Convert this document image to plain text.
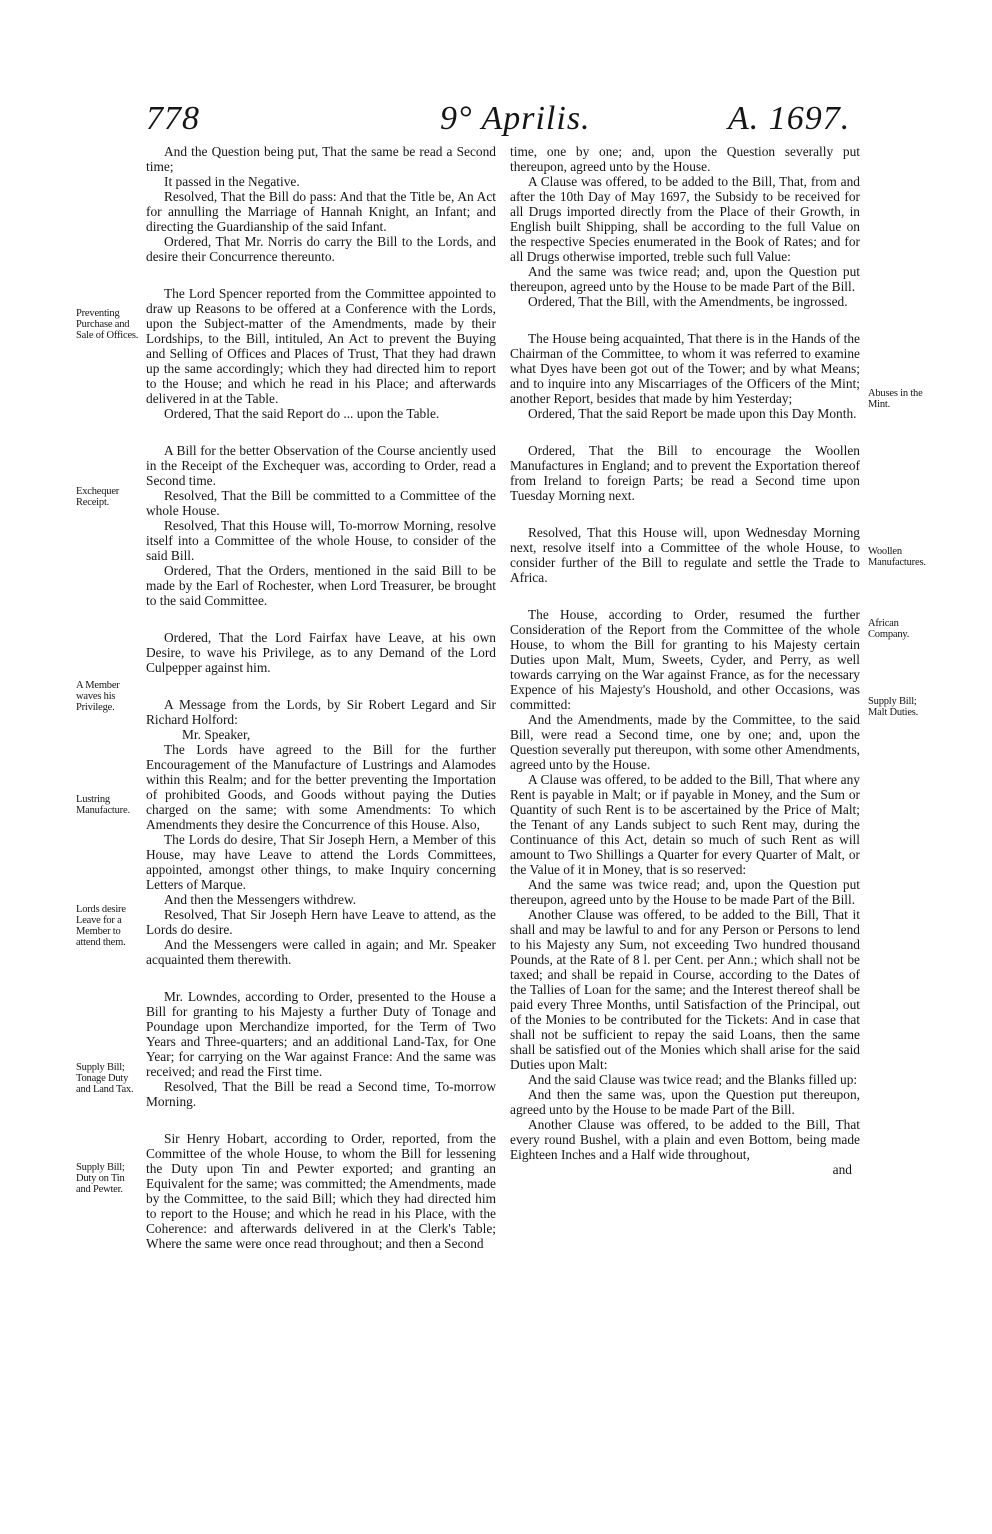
778	9° Aprilis.	A. 1697.

And the Question being put, That the same be read a Second time;

It passed in the Negative.

Resolved, That the Bill do pass: And that the Title be, An Act for annulling the Marriage of Hannah Knight, an Infant; and directing the Guardianship of the said Infant.

Ordered, That Mr. Norris do carry the Bill to the Lords, and desire their Concurrence thereunto.

The Lord Spencer reported from the Committee appointed to draw up Reasons to be offered at a Conference with the Lords, upon the Subject-matter of the Amendments, made by their Lordships, to the Bill, intituled, An Act to prevent the Buying and Selling of Offices and Places of Trust, That they had drawn up the same accordingly; which they had directed him to report to the House; and which he read in his Place; and afterwards delivered in at the Table.

Ordered, That the said Report do ... upon the Table.

A Bill for the better Observation of the Course anciently used in the Receipt of the Exchequer was, according to Order, read a Second time.

Resolved, That the Bill be committed to a Committee of the whole House.

Resolved, That this House will, To-morrow Morning, resolve itself into a Committee of the whole House, to consider of the said Bill.

Ordered, That the Orders, mentioned in the said Bill to be made by the Earl of Rochester, when Lord Treasurer, be brought to the said Committee.

Ordered, That the Lord Fairfax have Leave, at his own Desire, to wave his Privilege, as to any Demand of the Lord Culpepper against him.

A Message from the Lords, by Sir Robert Legard and Sir Richard Holford:

Mr. Speaker,

The Lords have agreed to the Bill for the further Encouragement of the Manufacture of Lustrings and Alamodes within this Realm; and for the better preventing the Importation of prohibited Goods, and Goods without paying the Duties charged on the same; with some Amendments: To which Amendments they desire the Concurrence of this House. Also,

The Lords do desire, That Sir Joseph Hern, a Member of this House, may have Leave to attend the Lords Committees, appointed, amongst other things, to make Inquiry concerning Letters of Marque.

And then the Messengers withdrew.

Resolved, That Sir Joseph Hern have Leave to attend, as the Lords do desire.

And the Messengers were called in again; and Mr. Speaker acquainted them therewith.

Mr. Lowndes, according to Order, presented to the House a Bill for granting to his Majesty a further Duty of Tonage and Poundage upon Merchandize imported, for the Term of Two Years and Three-quarters; and an additional Land-Tax, for One Year; for carrying on the War against France: And the same was received; and read the First time.

Resolved, That the Bill be read a Second time, To-morrow Morning.

Sir Henry Hobart, according to Order, reported, from the Committee of the whole House, to whom the Bill for lessening the Duty upon Tin and Pewter exported; and granting an Equivalent for the same; was committed; the Amendments, made by the Committee, to the said Bill; which they had directed him to report to the House; and which he read in his Place, with the Coherence: and afterwards delivered in at the Clerk's Table; Where the same were once read throughout; and then a Second

time, one by one; and, upon the Question severally put thereupon, agreed unto by the House.

A Clause was offered, to be added to the Bill, That, from and after the 10th Day of May 1697, the Subsidy to be received for all Drugs imported directly from the Place of their Growth, in English built Shipping, shall be according to the full Value on the respective Species enumerated in the Book of Rates; and for all Drugs otherwise imported, treble such full Value:

And the same was twice read; and, upon the Question put thereupon, agreed unto by the House to be made Part of the Bill.

Ordered, That the Bill, with the Amendments, be ingrossed.

The House being acquainted, That there is in the Hands of the Chairman of the Committee, to whom it was referred to examine what Dyes have been got out of the Tower; and by what Means; and to inquire into any Miscarriages of the Officers of the Mint; another Report, besides that made by him Yesterday;

Ordered, That the said Report be made upon this Day Month.

Ordered, That the Bill to encourage the Woollen Manufactures in England; and to prevent the Exportation thereof from Ireland to foreign Parts; be read a Second time upon Tuesday Morning next.

Resolved, That this House will, upon Wednesday Morning next, resolve itself into a Committee of the whole House, to consider further of the Bill to regulate and settle the Trade to Africa.

The House, according to Order, resumed the further Consideration of the Report from the Committee of the whole House, to whom the Bill for granting to his Majesty certain Duties upon Malt, Mum, Sweets, Cyder, and Perry, as well towards carrying on the War against France, as for the necessary Expence of his Majesty's Houshold, and other Occasions, was committed:

And the Amendments, made by the Committee, to the said Bill, were read a Second time, one by one; and, upon the Question severally put thereupon, with some other Amendments, agreed unto by the House.

A Clause was offered, to be added to the Bill, That where any Rent is payable in Malt; or if payable in Money, and the Sum or Quantity of such Rent is to be ascertained by the Price of Malt; the Tenant of any Lands subject to such Rent may, during the Continuance of this Act, detain so much of such Rent as will amount to Two Shillings a Quarter for every Quarter of Malt, or the Value of it in Money, that is so reserved:

And the same was twice read; and, upon the Question put thereupon, agreed unto by the House to be made Part of the Bill.

Another Clause was offered, to be added to the Bill, That it shall and may be lawful to and for any Person or Persons to lend to his Majesty any Sum, not exceeding Two hundred thousand Pounds, at the Rate of 8 l. per Cent. per Ann.; which shall not be taxed; and shall be repaid in Course, according to the Dates of the Tallies of Loan for the same; and the Interest thereof shall be paid every Three Months, until Satisfaction of the Principal, out of the Monies to be contributed for the Tickets: And in case that shall not be sufficient to repay the said Loans, then the same shall be satisfied out of the Monies which shall arise for the said Duties upon Malt:

And the said Clause was twice read; and the Blanks filled up:

And then the same was, upon the Question put thereupon, agreed unto by the House to be made Part of the Bill.

Another Clause was offered, to be added to the Bill, That every round Bushel, with a plain and even Bottom, being made Eighteen Inches and a Half wide throughout,

and

Preventing Purchase and Sale of Offices.
Exchequer Receipt.
A Member waves his Privilege.
Lustring Manufacture.
Lords desire Leave for a Member to attend them.
Supply Bill; Tonage Duty and Land Tax.
Supply Bill; Duty on Tin and Pewter.
Abuses in the Mint.
Woollen Manufactures.
African Company.
Supply Bill; Malt Duties.
